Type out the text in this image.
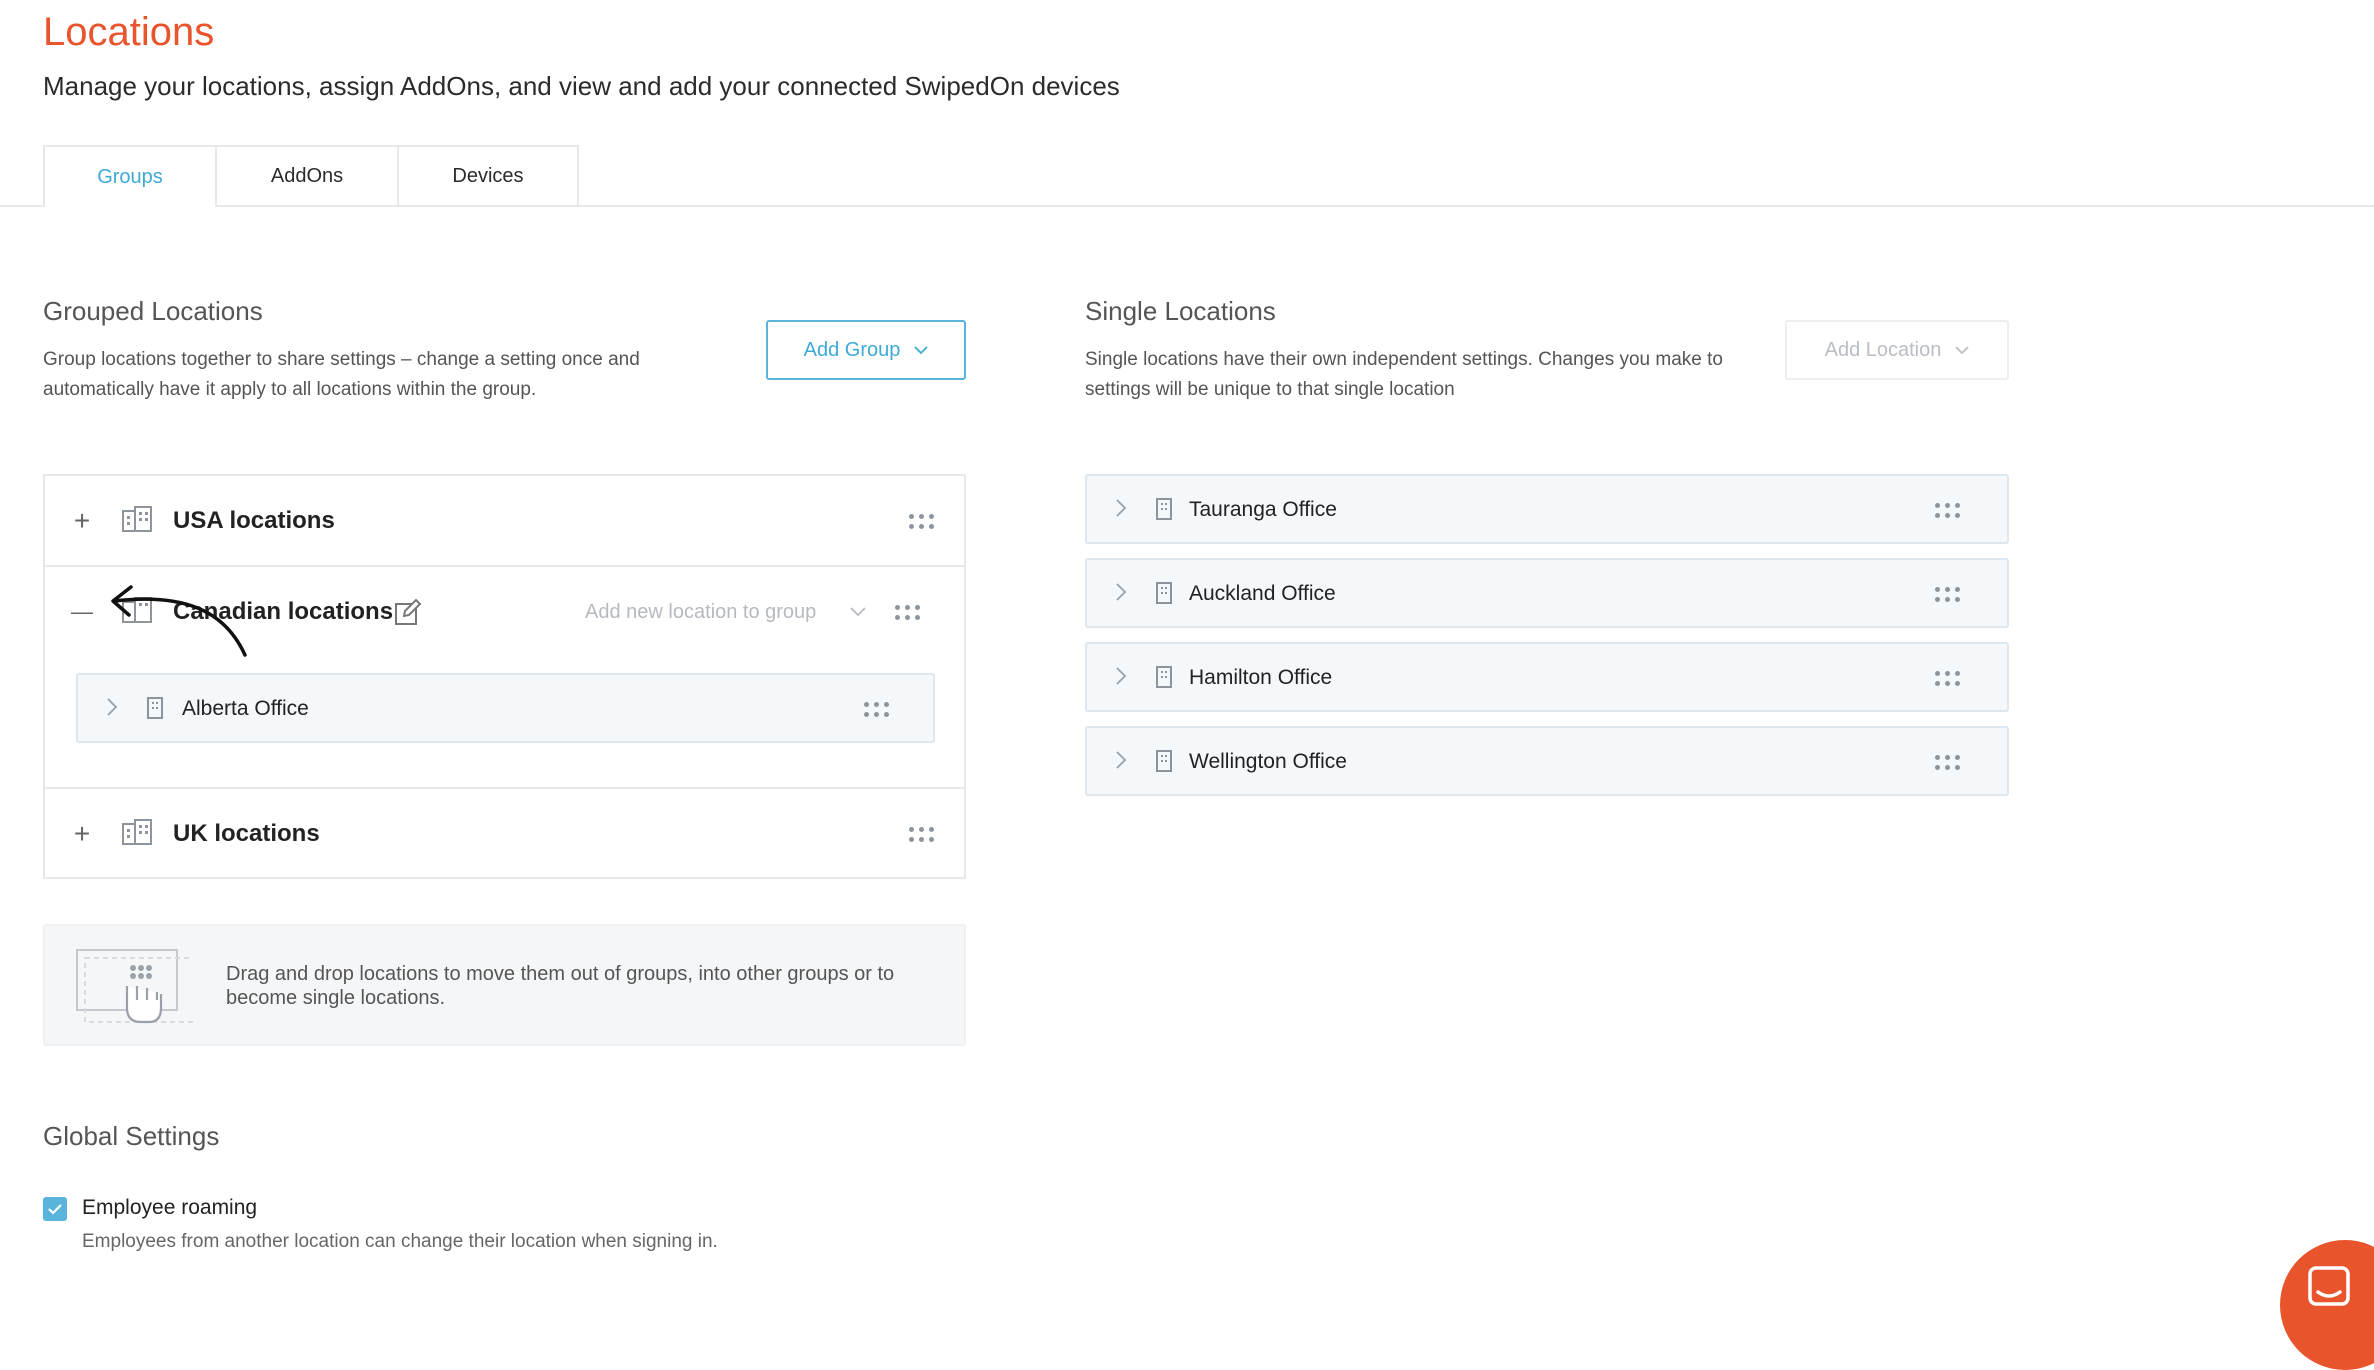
Locations
Manage your locations, assign AddOns, and view and add your connected SwipedOn devices
Groups	AddOns	Devices
Grouped Locations
Group locations together to share settings – change a setting once and
automatically have it apply to all locations within the group.
Add Group
+	USA locations
—	Canadian locations	Add new location to group
Alberta Office
+	UK locations
Drag and drop locations to move them out of groups, into other groups or to
become single locations.
Single Locations
Single locations have their own independent settings. Changes you make to
settings will be unique to that single location
Add Location
Tauranga Office
Auckland Office
Hamilton Office
Wellington Office
Global Settings
Employee roaming
Employees from another location can change their location when signing in.
